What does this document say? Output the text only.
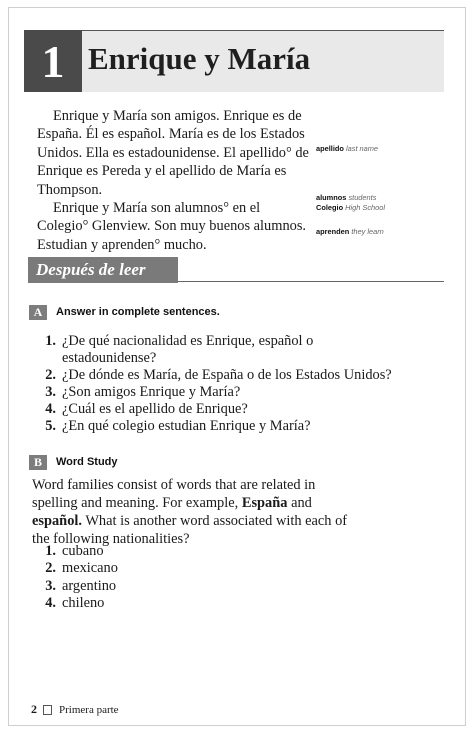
1 Enrique y María

Enrique y María son amigos. Enrique es de España. Él es español. María es de los Estados Unidos. Ella es estadounidense. El apellido° de Enrique es Pereda y el apellido de María es Thompson.

Enrique y María son alumnos° en el Colegio° Glenview. Son muy buenos alumnos. Estudian y aprenden° mucho.

apellido last name
alumnos students
Colegio High School
aprenden they learn
Después de leer
A	Answer in complete sentences.
1. ¿De qué nacionalidad es Enrique, español o estadounidense?
2. ¿De dónde es María, de España o de los Estados Unidos?
3. ¿Son amigos Enrique y María?
4. ¿Cuál es el apellido de Enrique?
5. ¿En qué colegio estudian Enrique y María?
B	Word Study
Word families consist of words that are related in spelling and meaning. For example, España and español. What is another word associated with each of the following nationalities?
1. cubano
2. mexicano
3. argentino
4. chileno
2 Primera parte
